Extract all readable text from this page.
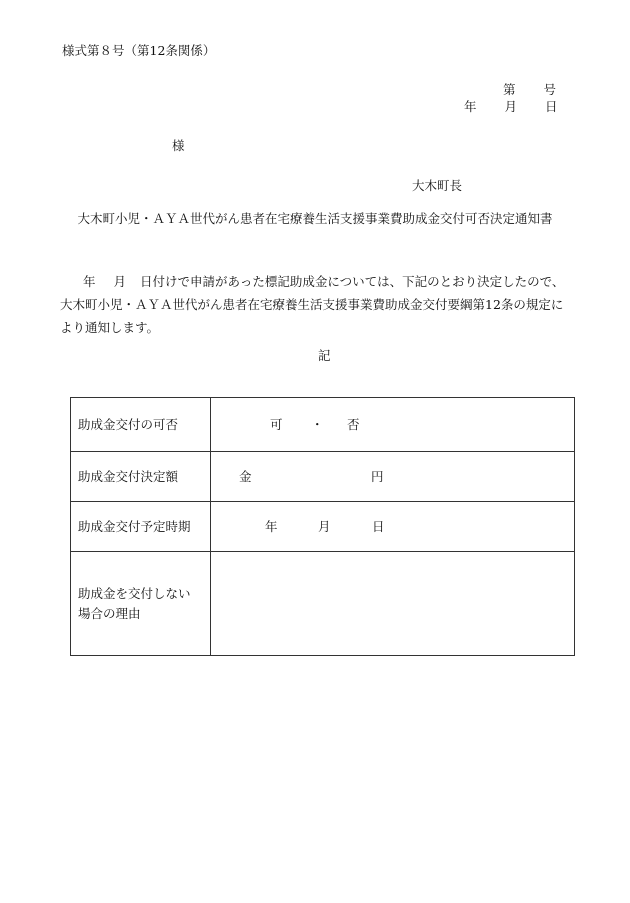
様式第８号（第12条関係）
第 号
年 月 日
様
大木町長
大木町小児・ＡＹＡ世代がん患者在宅療養生活支援事業費助成金交付可否決定通知書
年 月 日付けで申請があった標記助成金については、下記のとおり決定したので、
大木町小児・ＡＹＡ世代がん患者在宅療養生活支援事業費助成金交付要綱第12条の規定に
より通知します。
記
助成金交付の可否	可 ・ 否

助成金交付決定額	金 円

助成金交付予定時期	年 月 日

助成金を交付しない
場合の理由	
